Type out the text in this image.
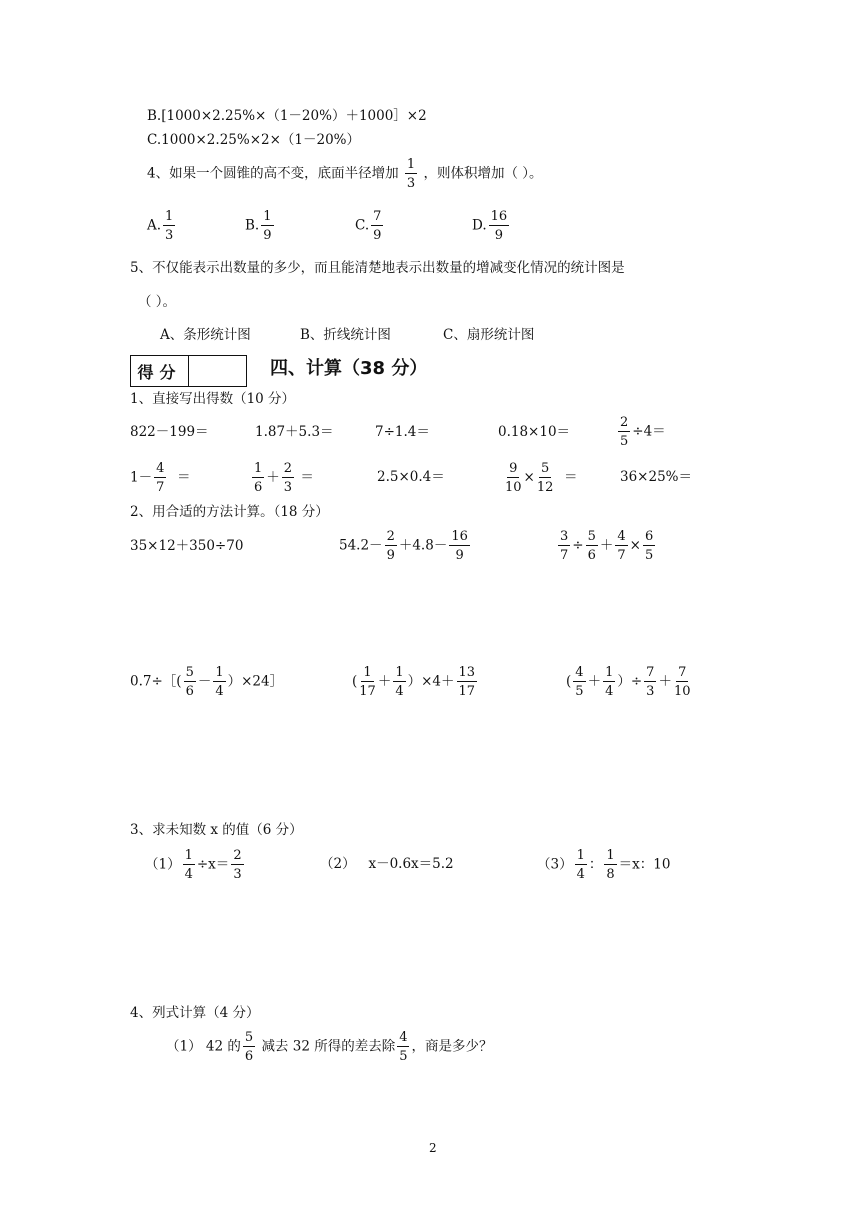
B.[1000×2.25%×（1－20%）＋1000］×2
C.1000×2.25%×2×（1－20%）
4、如果一个圆锥的高不变，底面半径增加 $\frac{1}{3}$ ，则体积增加（ ）。
A. $\frac{1}{3}$	B. $\frac{1}{9}$	C. $\frac{7}{9}$	D. $\frac{16}{9}$
5、不仅能表示出数量的多少，而且能清楚地表示出数量的增减变化情况的统计图是
（ ）。
A、条形统计图	B、折线统计图	C、扇形统计图
得分	四、计算（38 分）
1、直接写出得数（10 分）
822－199＝	1.87＋5.3＝	7÷1.4＝	0.18×10＝	$\frac{2}{5} \div 4=$
$1- \frac{4}{7}$ ＝	$\frac{1}{6} + \frac{2}{3}$ ＝	2.5×0.4＝	$\frac{9}{10} \times \frac{5}{12}$ ＝	36×25%＝
2、用合适的方法计算。（18 分）
35×12＋350÷70	$54.2- \frac{2}{9} +4.8- \frac{16}{9}$	$\frac{3}{7} \div \frac{5}{6} + \frac{4}{7} \times \frac{6}{5}$
0.7÷［( $\frac{5}{6} - \frac{1}{4}$ ）×24］	( $\frac{1}{17} + \frac{1}{4} )\times 4+ \frac{13}{17}$	( $\frac{4}{5} + \frac{1}{4}$ ）÷ $\frac{7}{3} + \frac{7}{10}$
3、求未知数 x 的值（6 分）
$(1) \frac{1}{4} \div x= \frac{2}{3}$	（2） x－0.6x＝5.2	$(3) \frac{1}{4}$ ： $\frac{1}{8} =x$：10
4、列式计算（4 分）
（1） 42 的 $\frac{5}{6}$ 减去 32 所得的差去除 $\frac{4}{5}$ ，商是多少？
2
